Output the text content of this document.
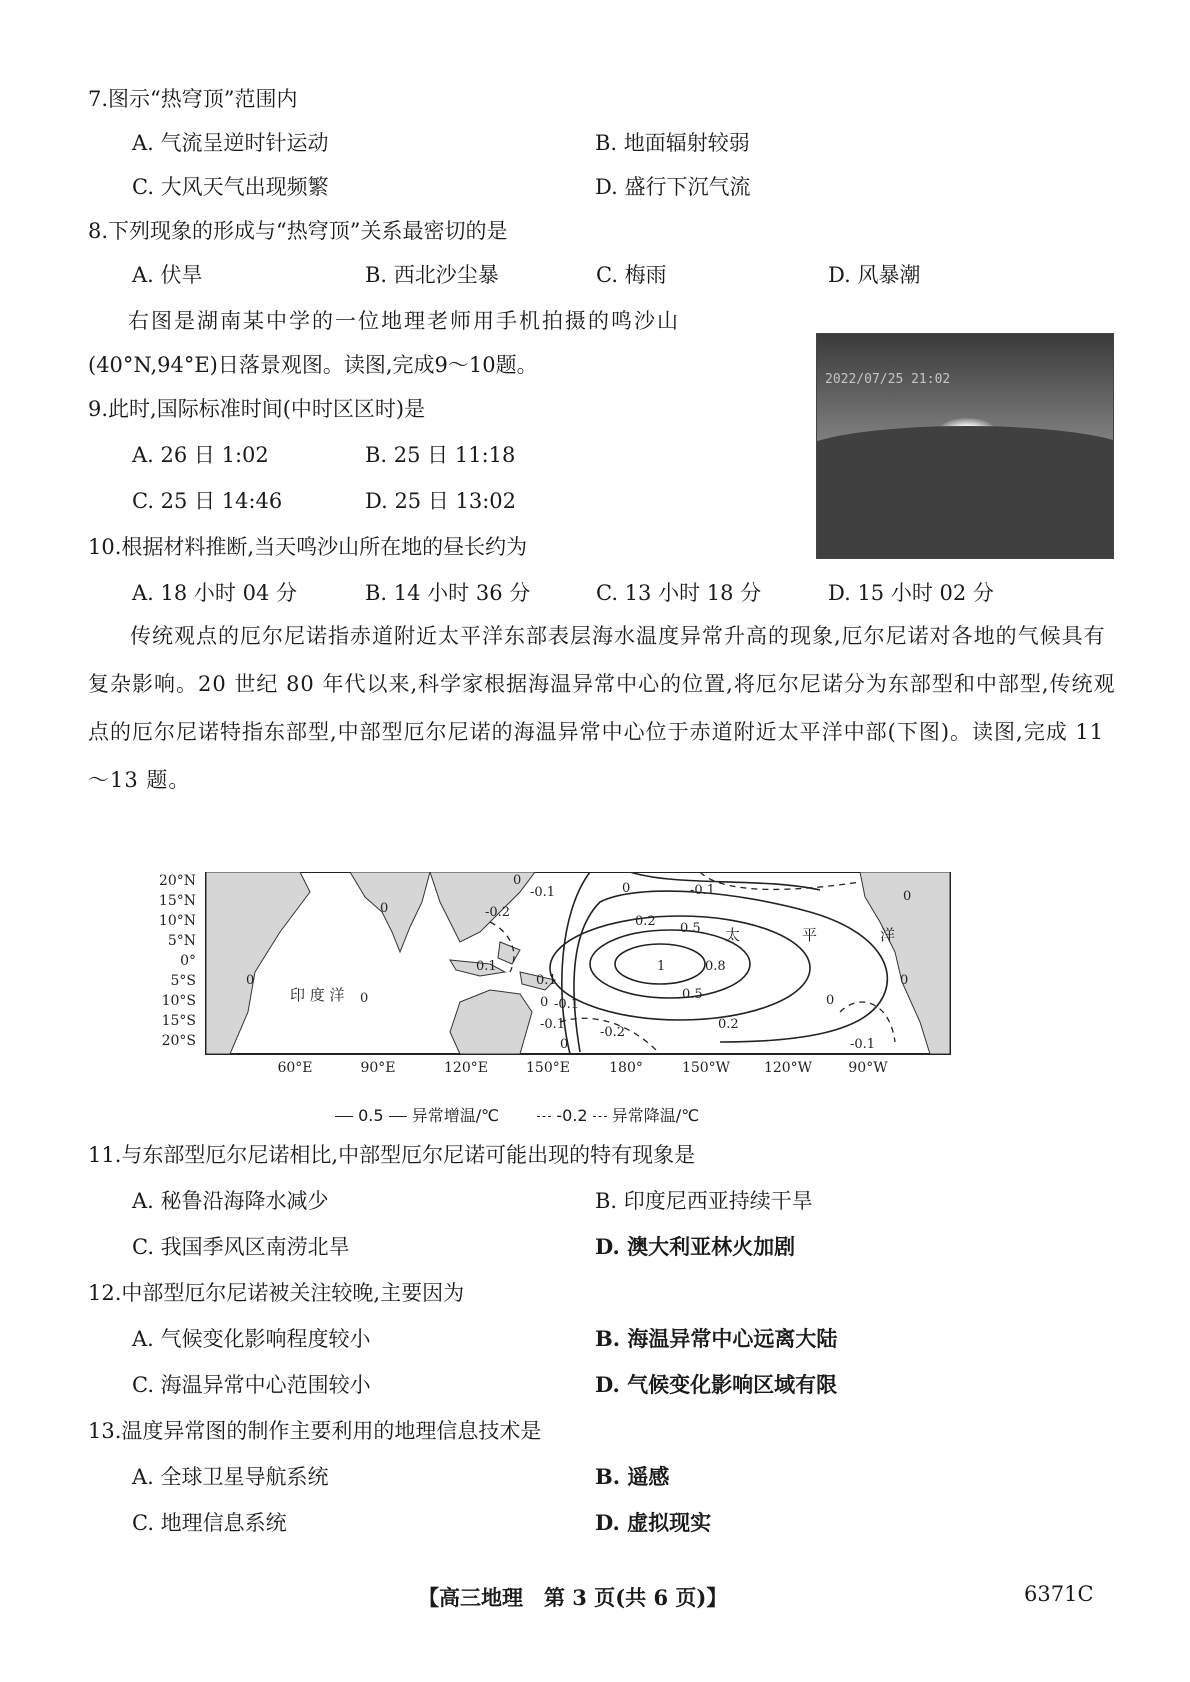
7.图示“热穹顶”范围内
A. 气流呈逆时针运动	B. 地面辐射较弱
C. 大风天气出现频繁	D. 盛行下沉气流
8.下列现象的形成与“热穹顶”关系最密切的是
A. 伏旱	B. 西北沙尘暴	C. 梅雨	D. 风暴潮
右图是湖南某中学的一位地理老师用手机拍摄的鸣沙山
(40°N,94°E)日落景观图。读图,完成9～10题。
2022/07/25 21:02
9.此时,国际标准时间(中时区区时)是
A. 26 日 1:02	B. 25 日 11:18
C. 25 日 14:46	D. 25 日 13:02
10.根据材料推断,当天鸣沙山所在地的昼长约为
A. 18 小时 04 分	B. 14 小时 36 分	C. 13 小时 18 分	D. 15 小时 02 分
传统观点的厄尔尼诺指赤道附近太平洋东部表层海水温度异常升高的现象,厄尔尼诺对各地的气候具有复杂影响。20 世纪 80 年代以来,科学家根据海温异常中心的位置,将厄尔尼诺分为东部型和中部型,传统观点的厄尔尼诺特指东部型,中部型厄尔尼诺的海温异常中心位于赤道附近太平洋中部(下图)。读图,完成 11～13 题。
20°N
15°N
10°N
5°N
0°
5°S
10°S
15°S
20°S
0
-0.1	0	-0.1
0	-0.2
0.2 0.5
1	0.8
0
0.1
0.1
0
0 -0.1
0.5
0.2
-0.1
-0.2
0
0
-0.1
0
0
印 度 洋
太	平	洋
60°E	90°E	120°E	150°E	180°	150°W 120°W	90°W
0.5 异常增温/℃	-0.2 异常降温/℃
11.与东部型厄尔尼诺相比,中部型厄尔尼诺可能出现的特有现象是
A. 秘鲁沿海降水减少	B. 印度尼西亚持续干旱
C. 我国季风区南涝北旱	D. 澳大利亚林火加剧
12.中部型厄尔尼诺被关注较晚,主要因为
A. 气候变化影响程度较小	B. 海温异常中心远离大陆
C. 海温异常中心范围较小	D. 气候变化影响区域有限
13.温度异常图的制作主要利用的地理信息技术是
A. 全球卫星导航系统	B. 遥感
C. 地理信息系统	D. 虚拟现实
【高三地理　第 3 页(共 6 页)】	6371C
